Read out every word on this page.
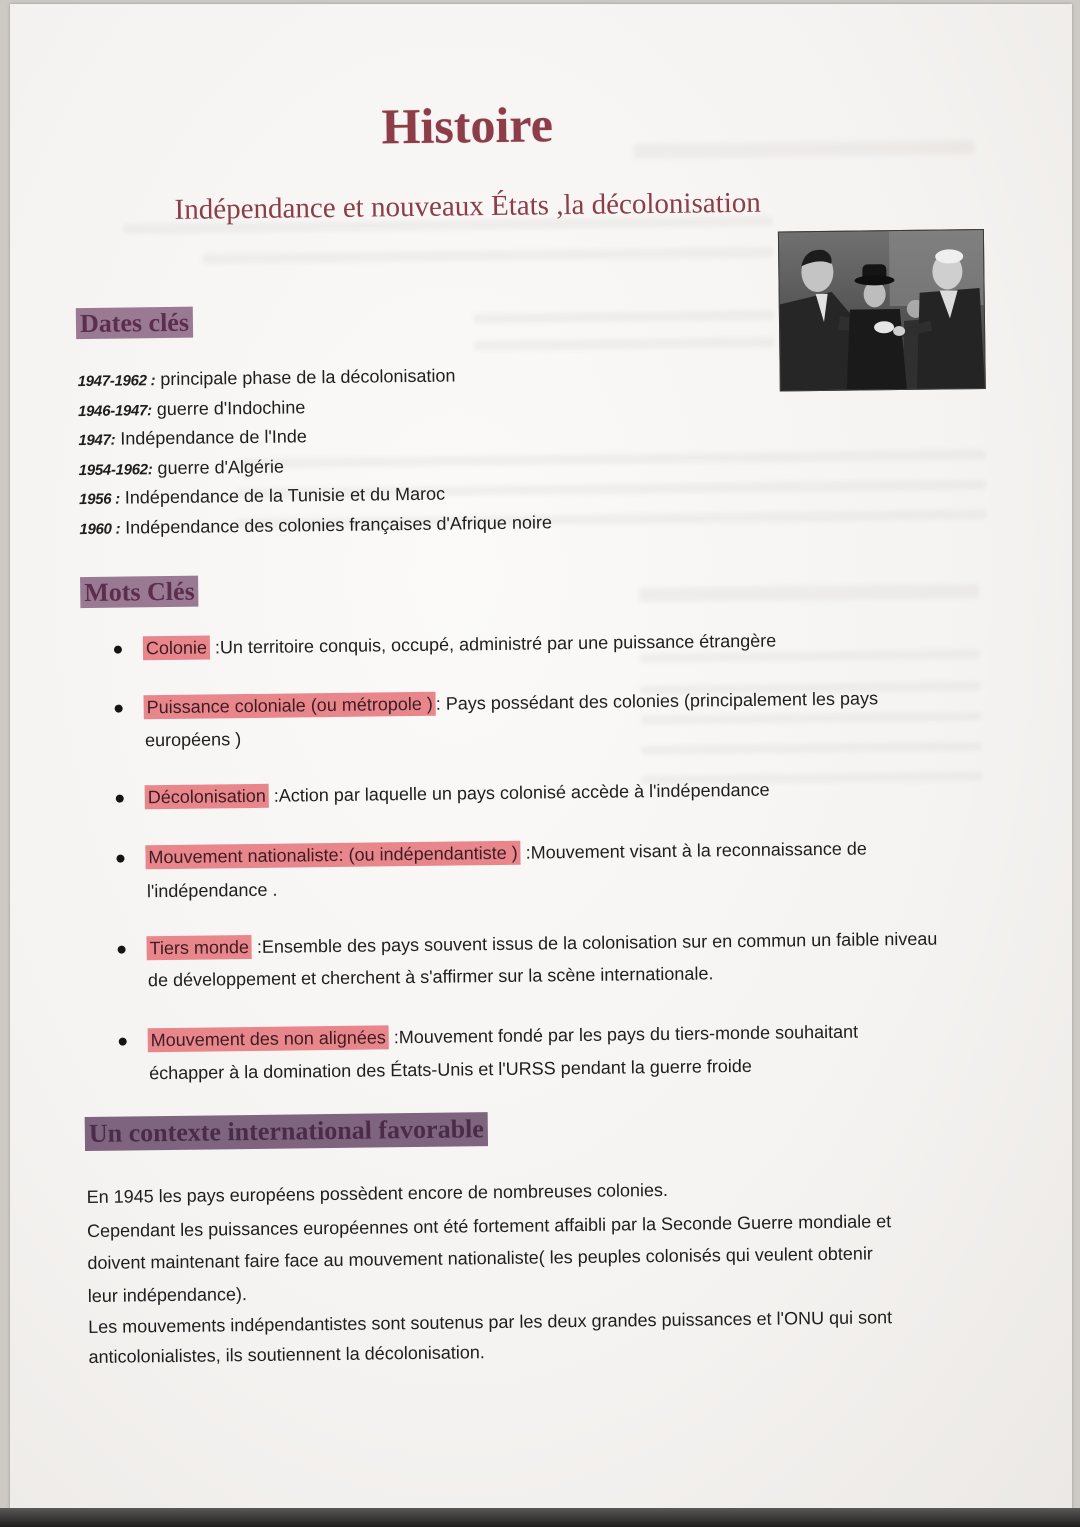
Histoire
Indépendance et nouveaux États ,la décolonisation
Dates clés
1947-1962 : principale phase de la décolonisation
1946-1947: guerre d'Indochine
1947: Indépendance de l'Inde
1954-1962: guerre d'Algérie
1956 : Indépendance de la Tunisie et du Maroc
1960 : Indépendance des colonies françaises d'Afrique noire
Mots Clés
Colonie :Un territoire conquis, occupé, administré par une puissance étrangère
Puissance coloniale (ou métropole ) : Pays possédant des colonies (principalement les pays
européens )
Décolonisation :Action par laquelle un pays colonisé accède à l'indépendance
Mouvement nationaliste: (ou indépendantiste ) :Mouvement visant à la reconnaissance de
l'indépendance .
Tiers monde :Ensemble des pays souvent issus de la colonisation sur en commun un faible niveau
de développement et cherchent à s'affirmer sur la scène internationale.
Mouvement des non alignées :Mouvement fondé par les pays du tiers-monde souhaitant
échapper à la domination des États-Unis et l'URSS pendant la guerre froide
Un contexte international favorable
En 1945 les pays européens possèdent encore de nombreuses colonies.
Cependant les puissances européennes ont été fortement affaibli par la Seconde Guerre mondiale et
doivent maintenant faire face au mouvement nationaliste( les peuples colonisés qui veulent obtenir
leur indépendance).
Les mouvements indépendantistes sont soutenus par les deux grandes puissances et l'ONU qui sont
anticolonialistes, ils soutiennent la décolonisation.
